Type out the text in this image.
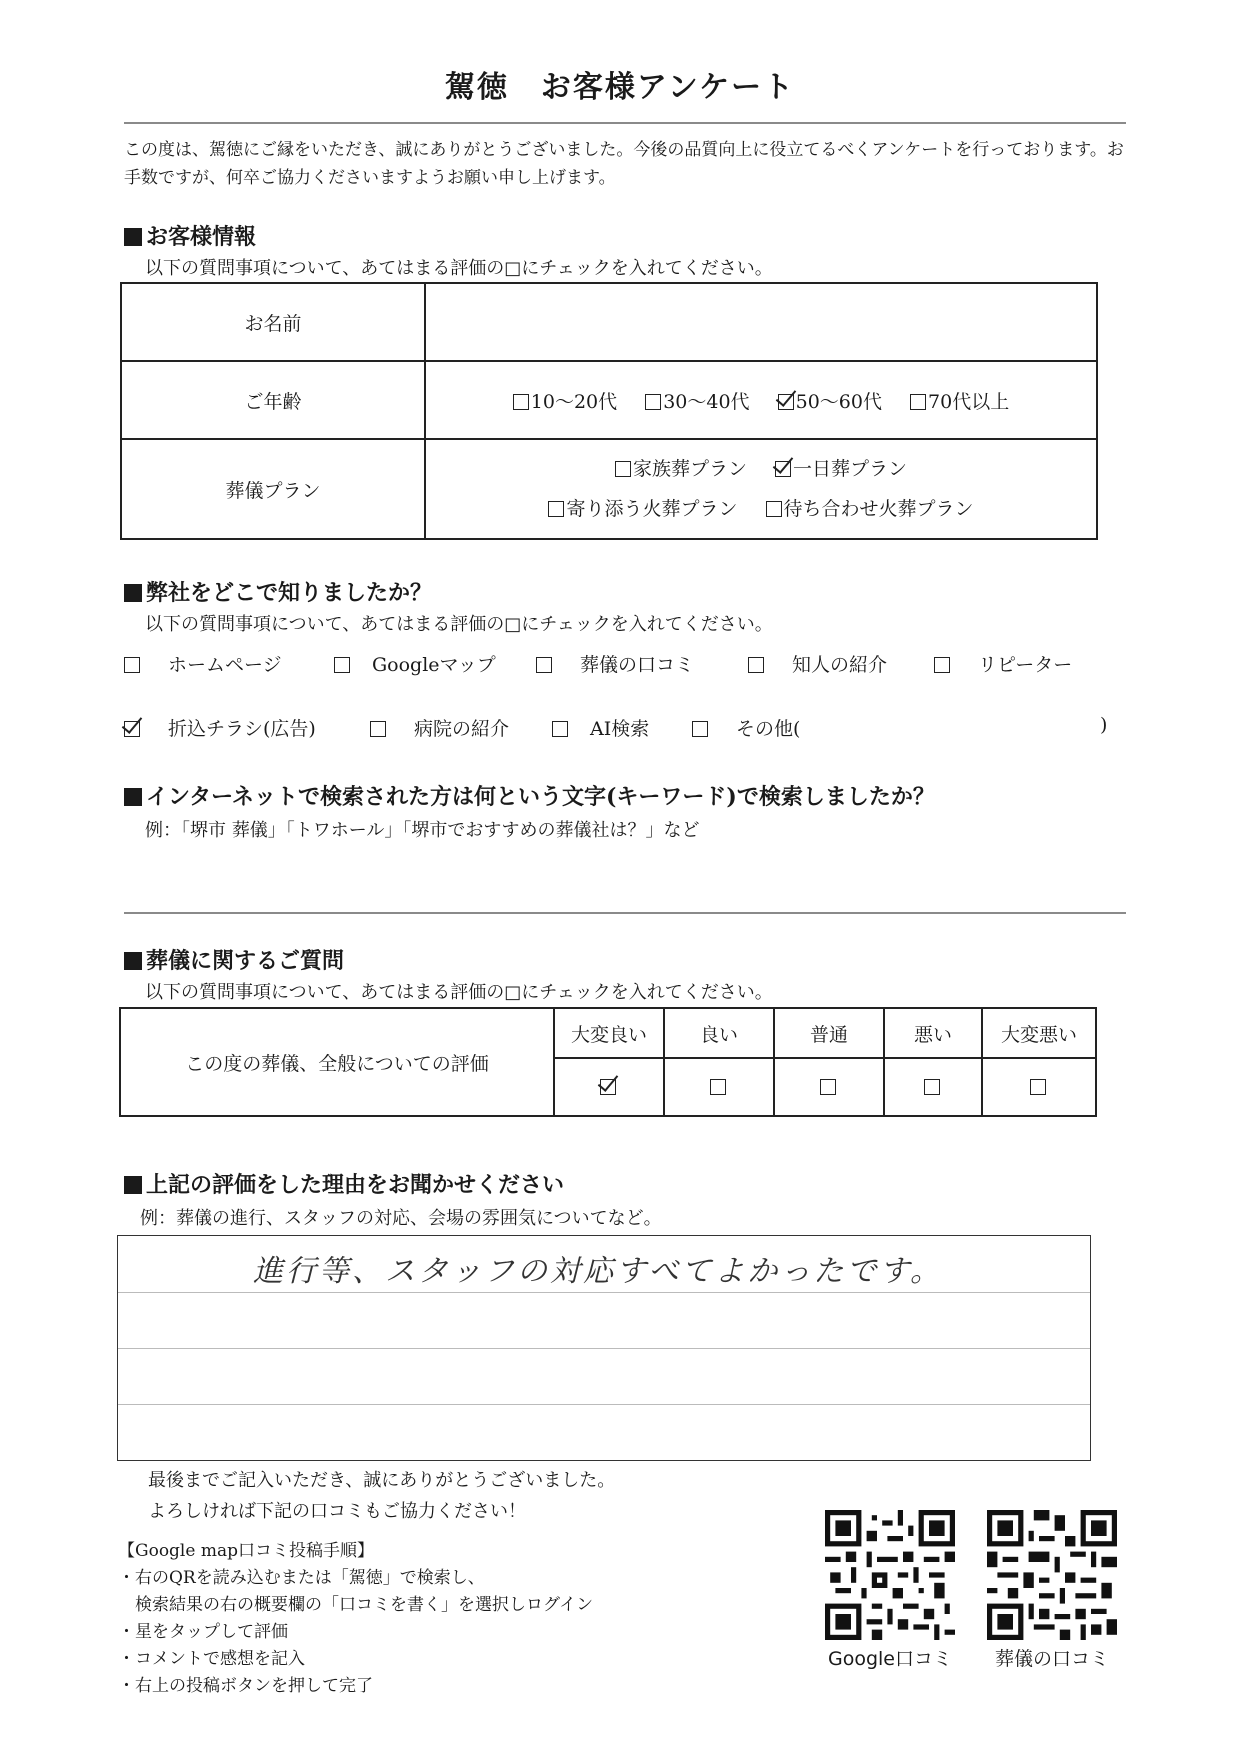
駕徳　お客様アンケート
この度は、駕徳にご縁をいただき、誠にありがとうございました。今後の品質向上に役立てるべくアンケートを行っております。お手数ですが、何卒ご協力くださいますようお願い申し上げます。
お客様情報
以下の質問事項について、あてはまる評価の□にチェックを入れてください。
お名前	
ご年齢	10～20代 30～40代 50～60代 70代以上
葬儀プラン	家族葬プラン 一日葬プラン
寄り添う火葬プラン 待ち合わせ火葬プラン
弊社をどこで知りましたか？
以下の質問事項について、あてはまる評価の□にチェックを入れてください。
ホームページ	Googleマップ	葬儀の口コミ	知人の紹介	リピーター
折込チラシ(広告)	病院の紹介	AI検索	その他(	)
インターネットで検索された方は何という文字(キーワード)で検索しましたか？
例：「堺市 葬儀」「トワホール」「堺市でおすすめの葬儀社は？」など
葬儀に関するご質問
以下の質問事項について、あてはまる評価の□にチェックを入れてください。
この度の葬儀、全般についての評価	大変良い	良い	普通	悪い	大変悪い

上記の評価をした理由をお聞かせください
例：葬儀の進行、スタッフの対応、会場の雰囲気についてなど。
進行等、スタッフの対応すべてよかったです。
最後までご記入いただき、誠にありがとうございました。
よろしければ下記の口コミもご協力ください！
【Google map口コミ投稿手順】
・右のQRを読み込むまたは「駕徳」で検索し、
　検索結果の右の概要欄の「口コミを書く」を選択しログイン
・星をタップして評価
・コメントで感想を記入
・右上の投稿ボタンを押して完了
Google口コミ	葬儀の口コミ
